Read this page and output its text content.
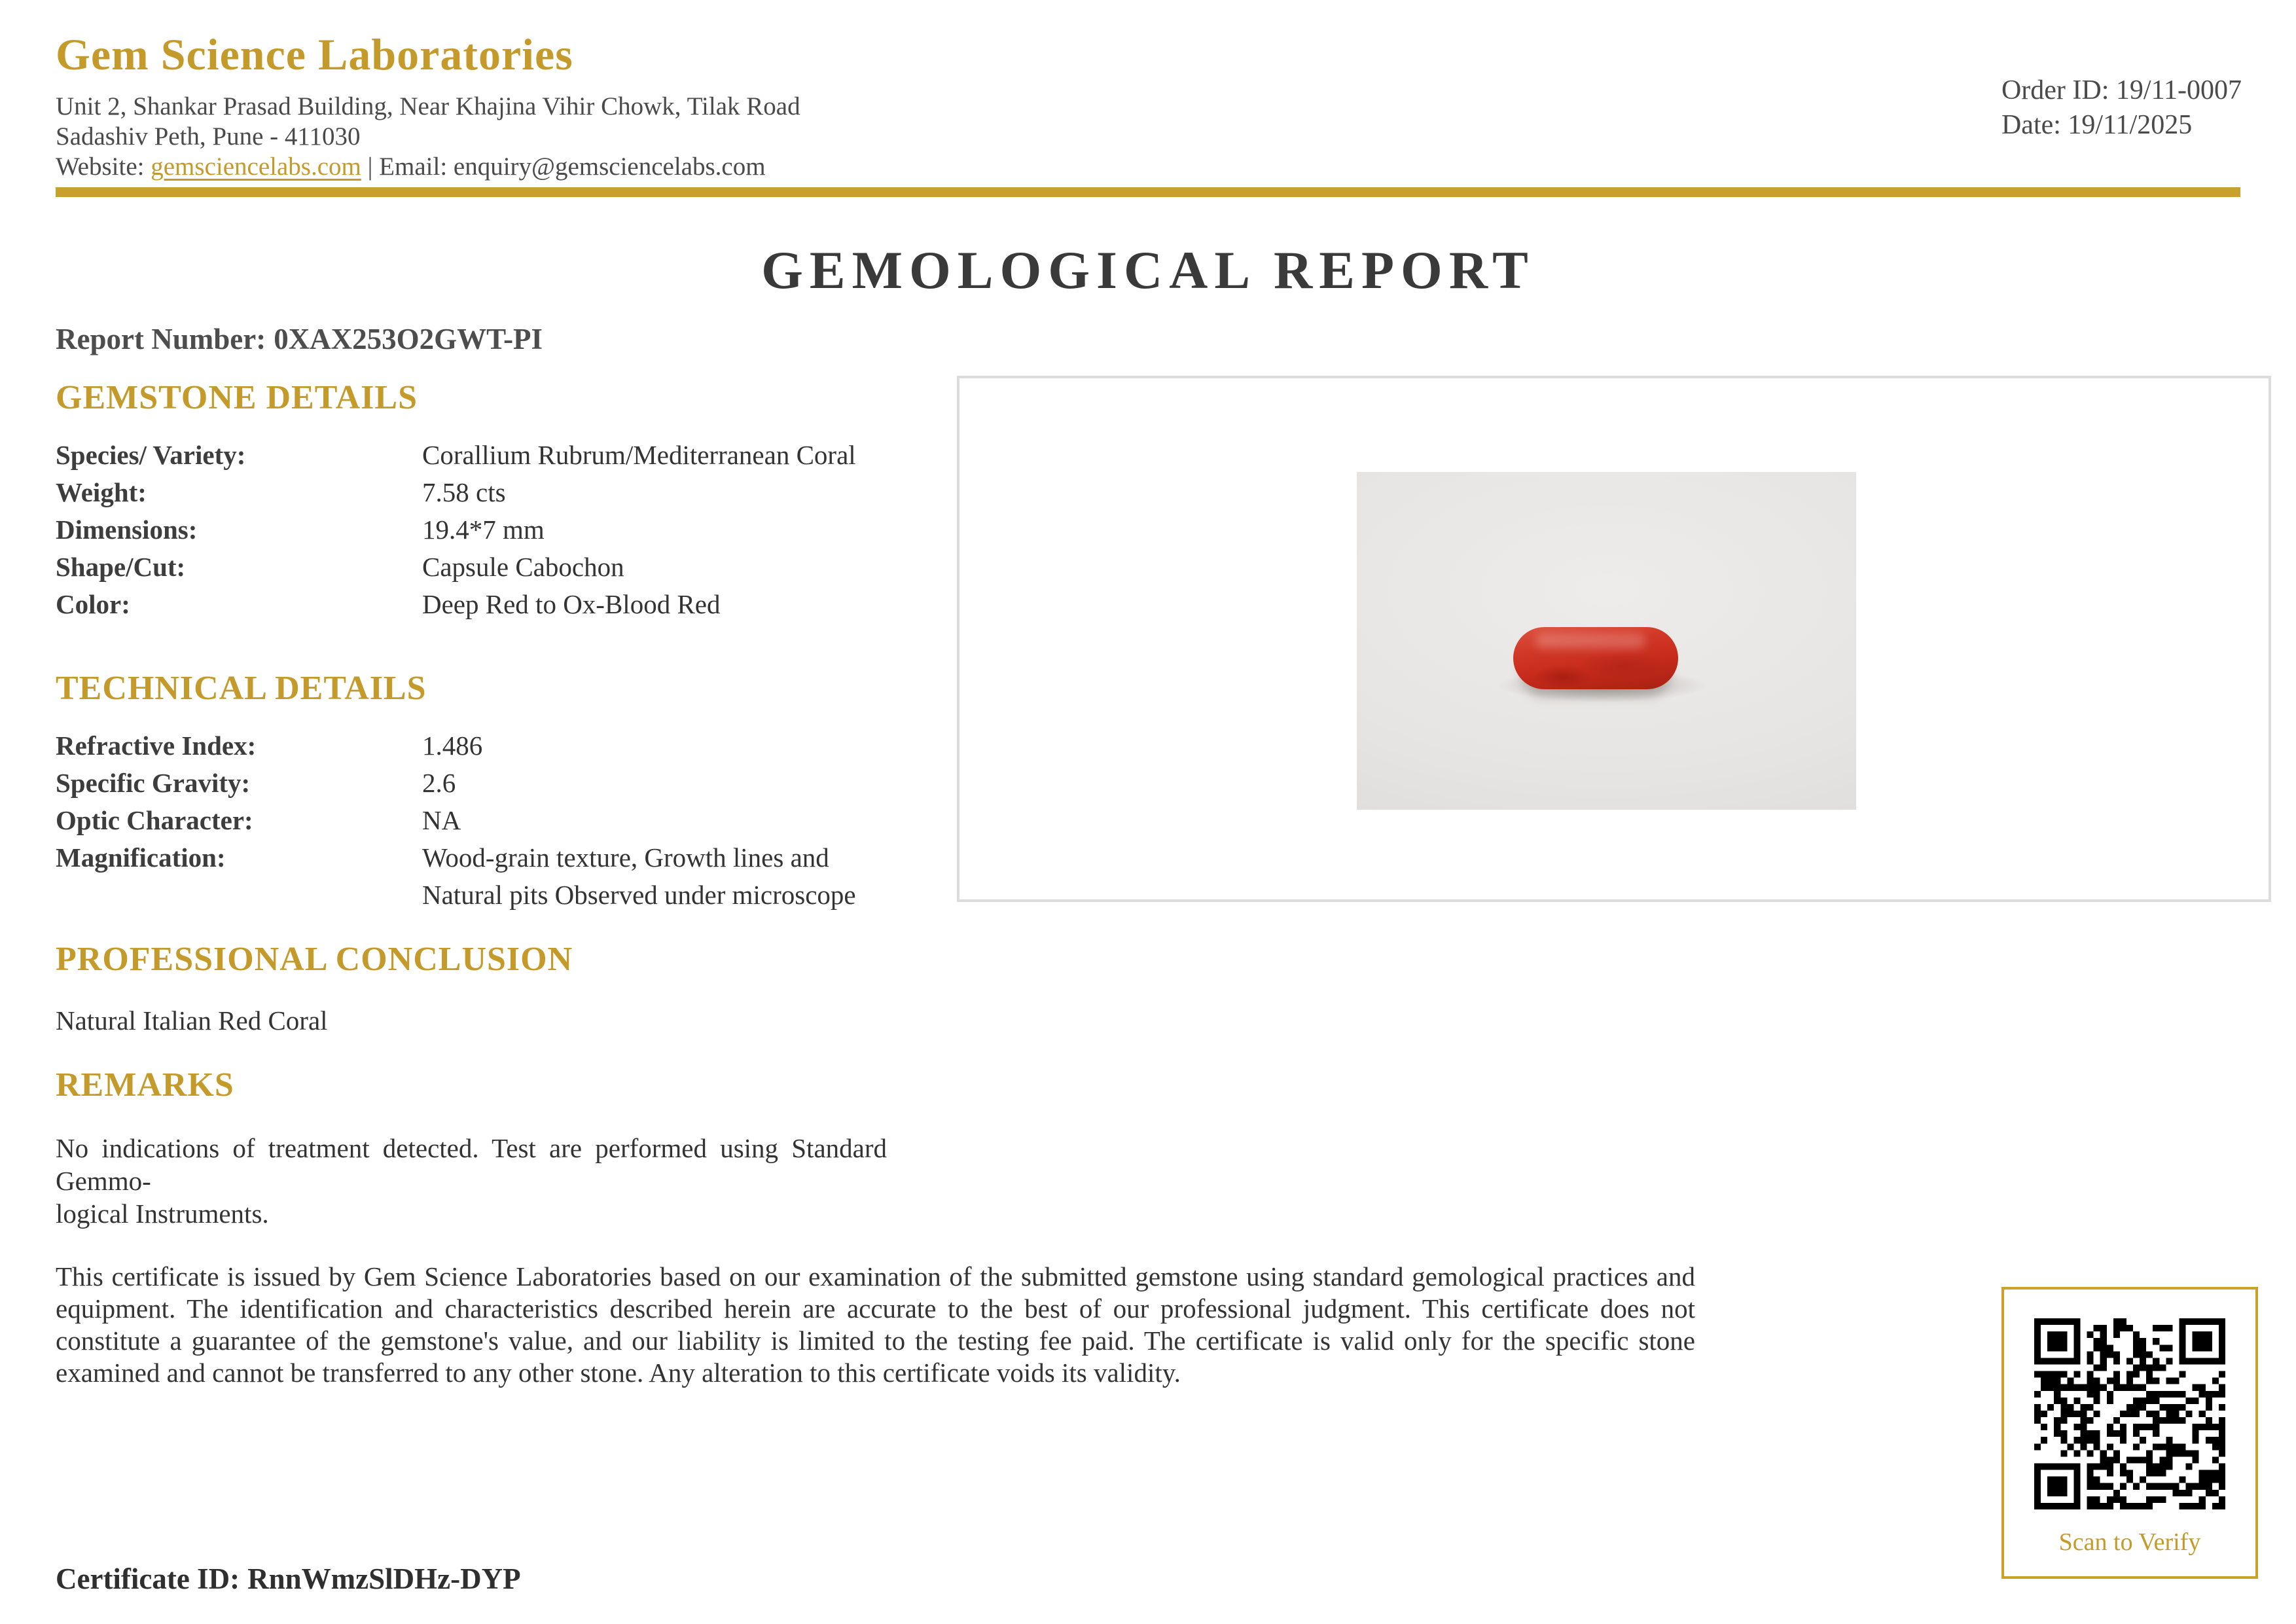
Gem Science Laboratories
Unit 2, Shankar Prasad Building, Near Khajina Vihir Chowk, Tilak Road
Sadashiv Peth, Pune - 411030
Website: gemsciencelabs.com | Email: enquiry@gemsciencelabs.com
Order ID: 19/11-0007
Date: 19/11/2025
GEMOLOGICAL REPORT
Report Number: 0XAX253O2GWT-PI
GEMSTONE DETAILS
Species/ Variety:	Corallium Rubrum/Mediterranean Coral
Weight:	7.58 cts
Dimensions:	19.4*7 mm
Shape/Cut:	Capsule Cabochon
Color:	Deep Red to Ox-Blood Red
TECHNICAL DETAILS
Refractive Index:	1.486
Specific Gravity:	2.6
Optic Character:	NA
Magnification:	Wood-grain texture, Growth lines and Natural pits Observed under microscope
PROFESSIONAL CONCLUSION
Natural Italian Red Coral
REMARKS
No indications of treatment detected. Test are performed using Standard Gemmo-
logical Instruments.
This certificate is issued by Gem Science Laboratories based on our examination of the submitted gemstone using standard gemological practices and equipment. The identification and characteristics described herein are accurate to the best of our professional judgment. This certificate does not constitute a guarantee of the gemstone's value, and our liability is limited to the testing fee paid. The certificate is valid only for the specific stone examined and cannot be transferred to any other stone. Any alteration to this certificate voids its validity.
Scan to Verify
Certificate ID: RnnWmzSlDHz-DYP
